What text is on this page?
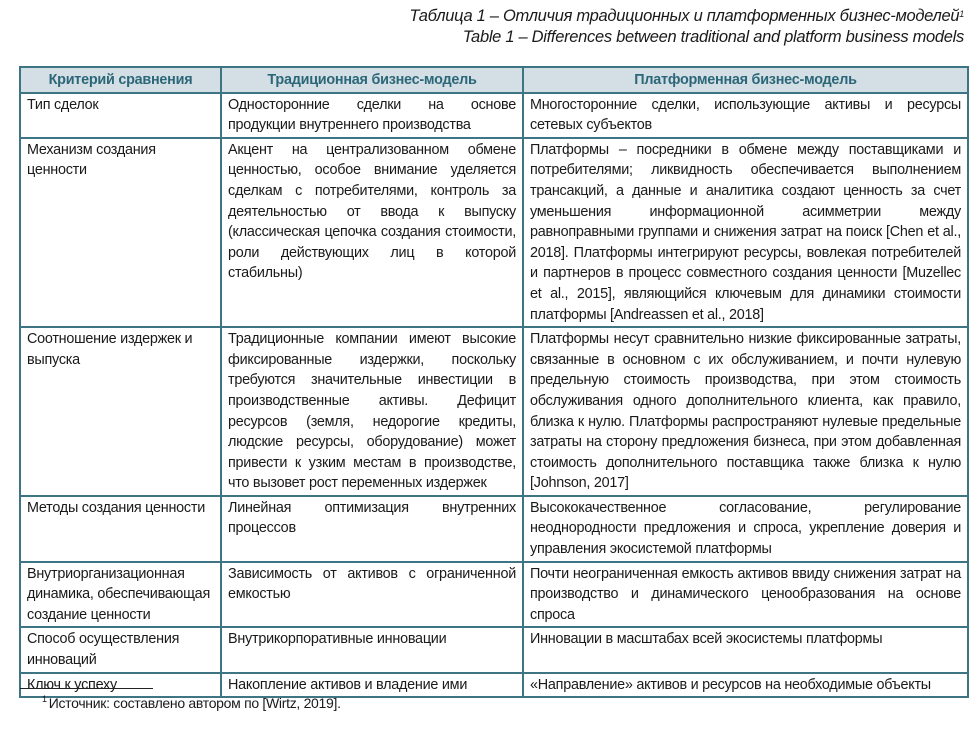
Таблица 1 – Отличия традиционных и платформенных бизнес-моделей$^1$
Table 1 – Differences between traditional and platform business models
Критерий сравнения	Традиционная бизнес-модель	Платформенная бизнес-модель
Тип сделок	Односторонние сделки на основе продукции внутреннего производства	Многосторонние сделки, использующие активы и ресурсы сетевых субъектов
Механизм создания ценности	Акцент на централизованном обмене ценностью, особое внимание уделяется сделкам с потребителями, контроль за деятельностью от ввода к выпуску (классическая цепочка создания стоимости, роли действующих лиц в которой стабильны)	Платформы – посредники в обмене между поставщиками и потребителями; ликвидность обеспечивается выполнением трансакций, а данные и аналитика создают ценность за счет уменьшения информационной асимметрии между равноправными группами и снижения затрат на поиск [Chen et al., 2018]. Платформы интегрируют ресурсы, вовлекая потребителей и партнеров в процесс совместного создания ценности [Muzellec et al., 2015], являющийся ключевым для динамики стоимости платформы [Andreassen et al., 2018]
Соотношение издержек и выпуска	Традиционные компании имеют высокие фиксированные издержки, поскольку требуются значительные инвестиции в производственные активы. Дефицит ресурсов (земля, недорогие кредиты, людские ресурсы, оборудование) может привести к узким местам в производстве, что вызовет рост переменных издержек	Платформы несут сравнительно низкие фиксированные затраты, связанные в основном с их обслуживанием, и почти нулевую предельную стоимость производства, при этом стоимость обслуживания одного дополнительного клиента, как правило, близка к нулю. Платформы распространяют нулевые предельные затраты на сторону предложения бизнеса, при этом добавленная стоимость дополнительного поставщика также близка к нулю [Johnson, 2017]
Методы создания ценности	Линейная оптимизация внутренних процессов	Высококачественное согласование, регулирование неоднородности предложения и спроса, укрепление доверия и управления экосистемой платформы
Внутриорганизационная динамика, обеспечивающая создание ценности	Зависимость от активов с ограниченной емкостью	Почти неограниченная емкость активов ввиду снижения затрат на производство и динамического ценообразования на основе спроса
Способ осуществления инноваций	Внутрикорпоративные инновации	Инновации в масштабах всей экосистемы платформы
Ключ к успеху	Накопление активов и владение ими	«Направление» активов и ресурсов на необходимые объекты
$^1$ Источник: составлено автором по [Wirtz, 2019].
